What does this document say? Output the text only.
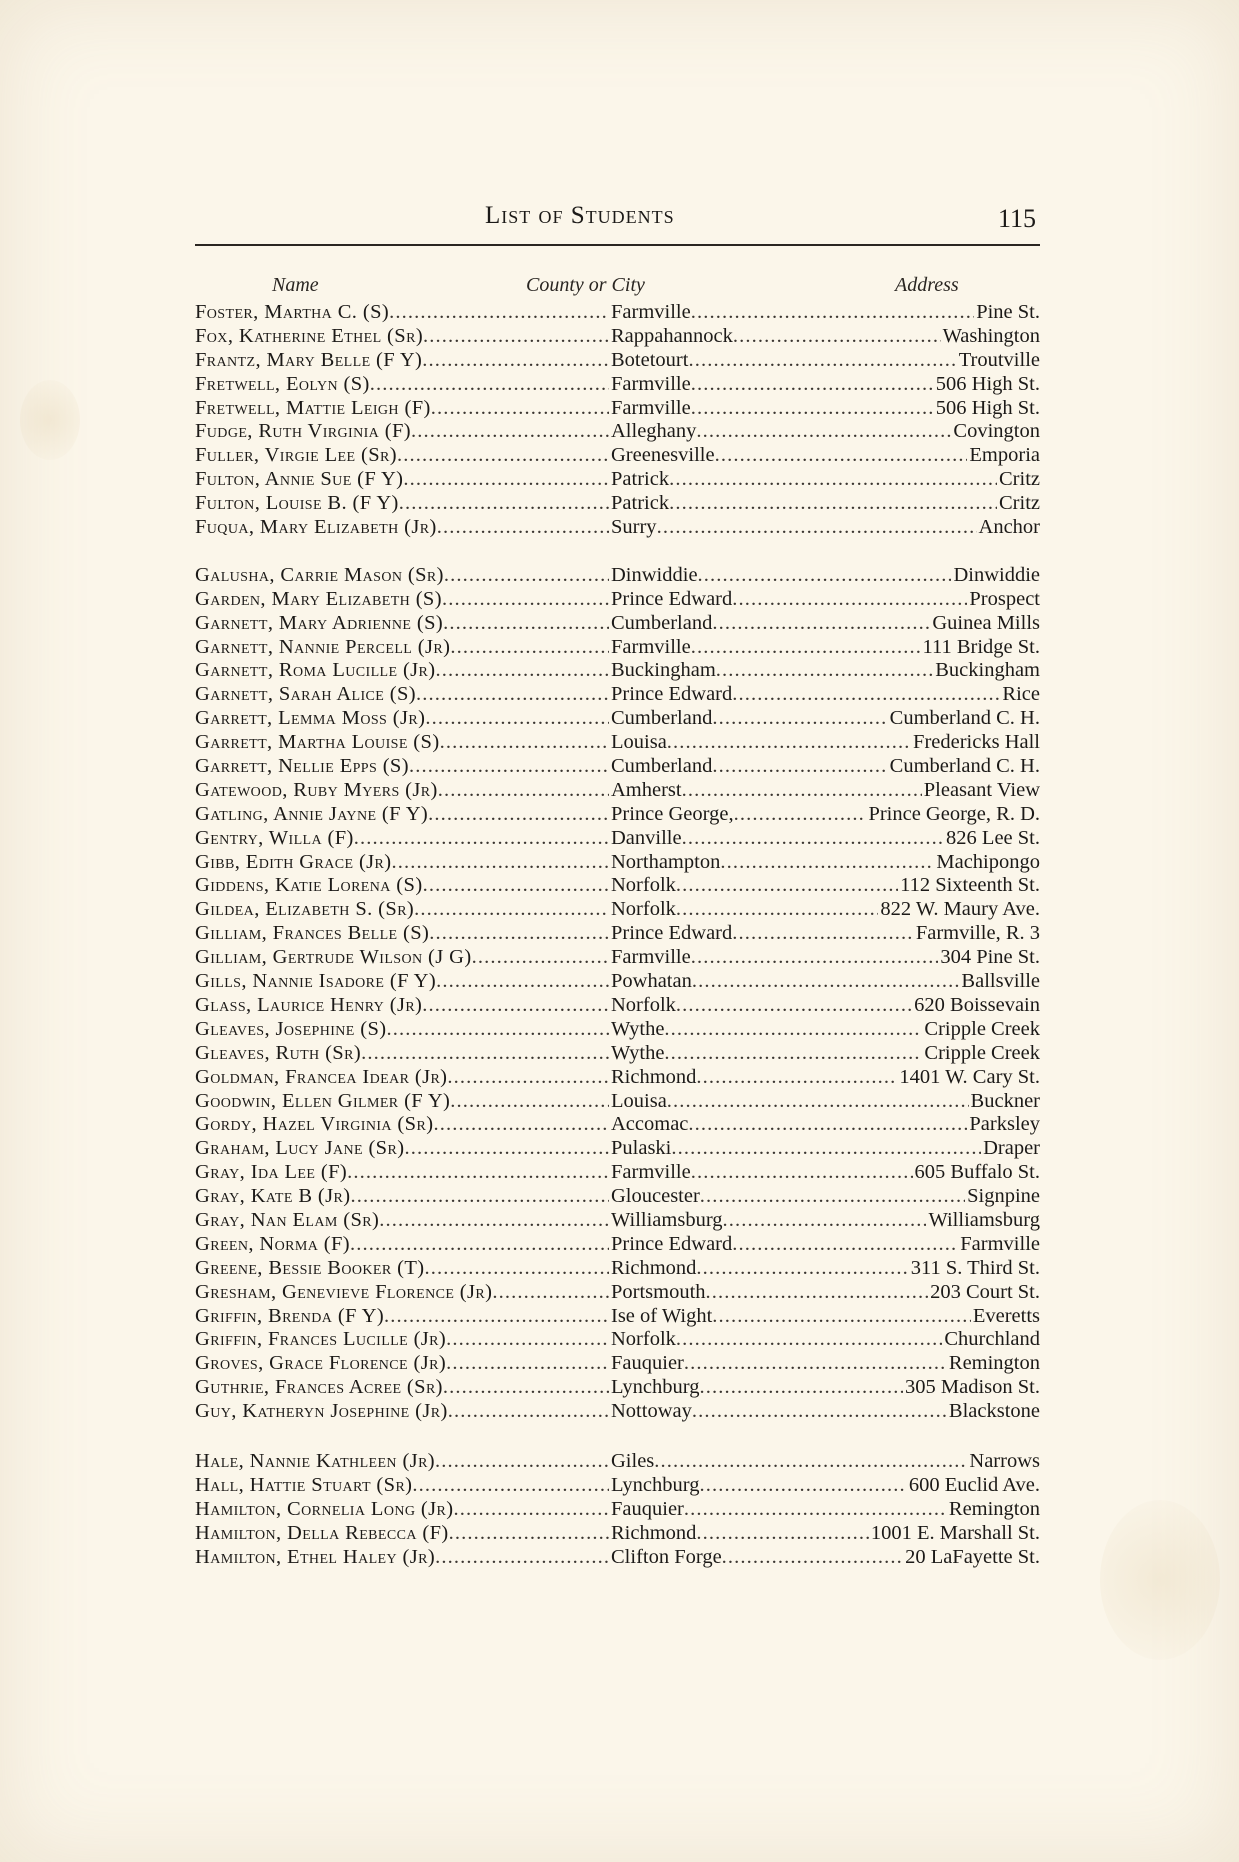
List of Students	115
Name	County or City	Address
Foster, Martha C. (S) . . .	Farmville . . .	Pine St.
Fox, Katherine Ethel (Sr) . . .	Rappahannock . . .	Washington
Frantz, Mary Belle (F Y) . . .	Botetourt . . .	Troutville
Fretwell, Eolyn (S) . . .	Farmville . . .	506 High St.
Fretwell, Mattie Leigh (F) . . .	Farmville . . .	506 High St.
Fudge, Ruth Virginia (F) . . .	Alleghany . . .	Covington
Fuller, Virgie Lee (Sr) . . .	Greenesville . . .	Emporia
Fulton, Annie Sue (F Y) . . .	Patrick . . .	Critz
Fulton, Louise B. (F Y) . . .	Patrick . . .	Critz
Fuqua, Mary Elizabeth (Jr) . . .	Surry . . .	Anchor
Galusha, Carrie Mason (Sr) . . .	Dinwiddie . . .	Dinwiddie
Garden, Mary Elizabeth (S) . . .	Prince Edward . . .	Prospect
Garnett, Mary Adrienne (S) . . .	Cumberland . . .	Guinea Mills
Garnett, Nannie Percell (Jr) . . .	Farmville . . .	111 Bridge St.
Garnett, Roma Lucille (Jr) . . .	Buckingham . . .	Buckingham
Garnett, Sarah Alice (S) . . .	Prince Edward . . .	Rice
Garrett, Lemma Moss (Jr) . . .	Cumberland . . .	Cumberland C. H.
Garrett, Martha Louise (S) . . .	Louisa . . .	Fredericks Hall
Garrett, Nellie Epps (S) . . .	Cumberland . . .	Cumberland C. H.
Gatewood, Ruby Myers (Jr) . . .	Amherst . . .	Pleasant View
Gatling, Annie Jayne (F Y) . . .	Prince George, . . .	Prince George, R. D.
Gentry, Willa (F) . . .	Danville . . .	826 Lee St.
Gibb, Edith Grace (Jr) . . .	Northampton . . .	Machipongo
Giddens, Katie Lorena (S) . . .	Norfolk . . .	112 Sixteenth St.
Gildea, Elizabeth S. (Sr) . . .	Norfolk . . .	822 W. Maury Ave.
Gilliam, Frances Belle (S) . . .	Prince Edward . . .	Farmville, R. 3
Gilliam, Gertrude Wilson (J G) . . .	Farmville . . .	304 Pine St.
Gills, Nannie Isadore (F Y) . . .	Powhatan . . .	Ballsville
Glass, Laurice Henry (Jr) . . .	Norfolk . . .	620 Boissevain
Gleaves, Josephine (S) . . .	Wythe . . .	Cripple Creek
Gleaves, Ruth (Sr) . . .	Wythe . . .	Cripple Creek
Goldman, Francea Idear (Jr) . . .	Richmond . . .	1401 W. Cary St.
Goodwin, Ellen Gilmer (F Y) . . .	Louisa . . .	Buckner
Gordy, Hazel Virginia (Sr) . . .	Accomac . . .	Parksley
Graham, Lucy Jane (Sr) . . .	Pulaski . . .	Draper
Gray, Ida Lee (F) . . .	Farmville . . .	605 Buffalo St.
Gray, Kate B (Jr) . . .	Gloucester . . .	Signpine
Gray, Nan Elam (Sr) . . .	Williamsburg . . .	Williamsburg
Green, Norma (F) . . .	Prince Edward . . .	Farmville
Greene, Bessie Booker (T) . . .	Richmond . . .	311 S. Third St.
Gresham, Genevieve Florence (Jr) . . .	Portsmouth . . .	203 Court St.
Griffin, Brenda (F Y) . . .	Ise of Wight . . .	Everetts
Griffin, Frances Lucille (Jr) . . .	Norfolk . . .	Churchland
Groves, Grace Florence (Jr) . . .	Fauquier . . .	Remington
Guthrie, Frances Acree (Sr) . . .	Lynchburg . . .	305 Madison St.
Guy, Katheryn Josephine (Jr) . . .	Nottoway . . .	Blackstone
Hale, Nannie Kathleen (Jr) . . .	Giles . . .	Narrows
Hall, Hattie Stuart (Sr) . . .	Lynchburg . . .	600 Euclid Ave.
Hamilton, Cornelia Long (Jr) . . .	Fauquier . . .	Remington
Hamilton, Della Rebecca (F) . . .	Richmond . . .	1001 E. Marshall St.
Hamilton, Ethel Haley (Jr) . . .	Clifton Forge . . .	20 LaFayette St.
